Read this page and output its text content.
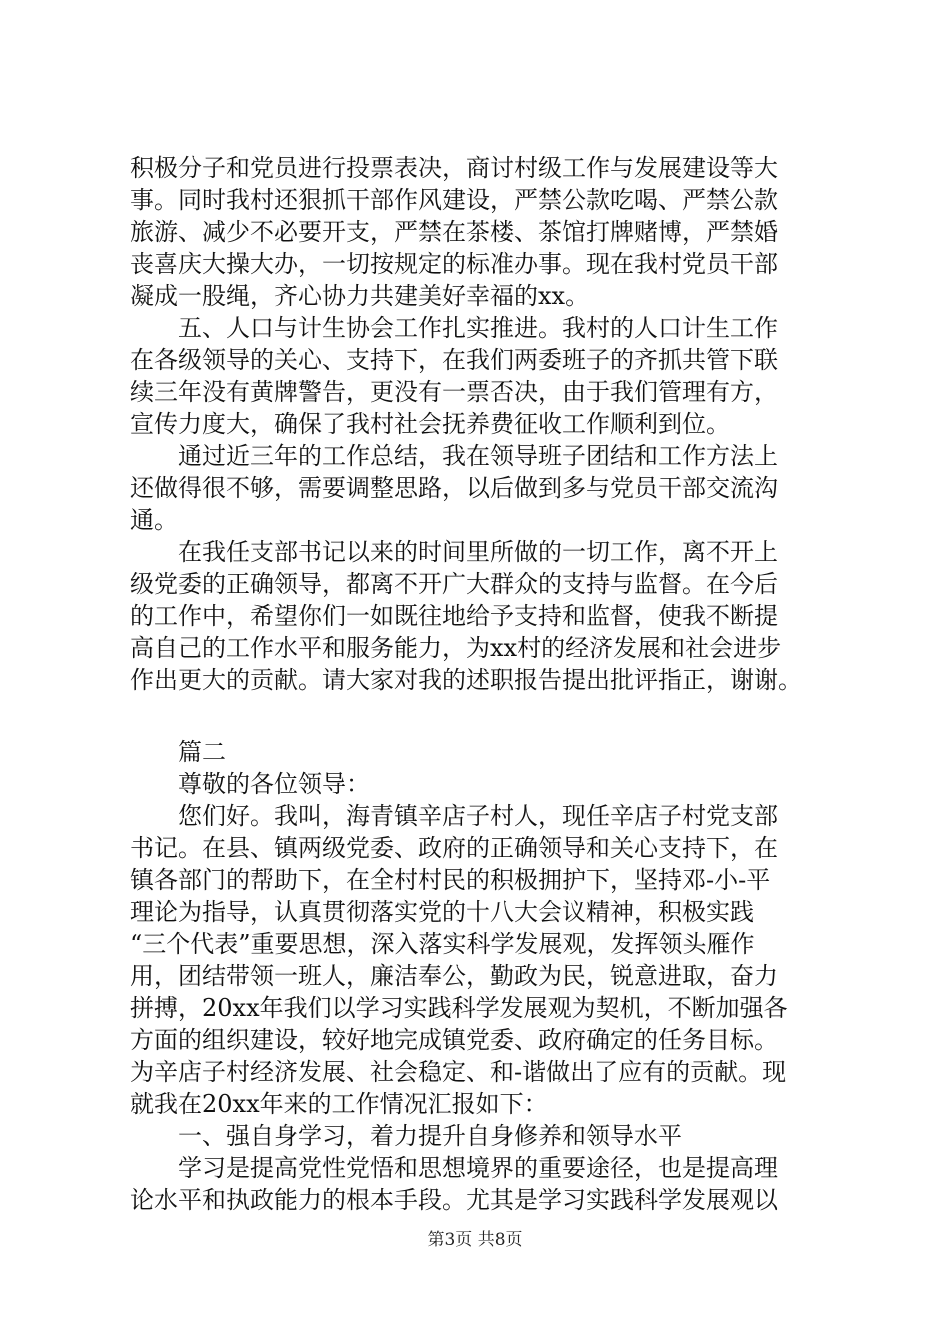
积极分子和党员进行投票表决，商讨村级工作与发展建设等大
事。同时我村还狠抓干部作风建设，严禁公款吃喝、严禁公款
旅游、减少不必要开支，严禁在茶楼、茶馆打牌赌博，严禁婚
丧喜庆大操大办，一切按规定的标准办事。现在我村党员干部
凝成一股绳，齐心协力共建美好幸福的xx。
五、人口与计生协会工作扎实推进。我村的人口计生工作
在各级领导的关心、支持下，在我们两委班子的齐抓共管下联
续三年没有黄牌警告，更没有一票否决，由于我们管理有方，
宣传力度大，确保了我村社会抚养费征收工作顺利到位。
通过近三年的工作总结，我在领导班子团结和工作方法上
还做得很不够，需要调整思路，以后做到多与党员干部交流沟
通。
在我任支部书记以来的时间里所做的一切工作，离不开上
级党委的正确领导，都离不开广大群众的支持与监督。在今后
的工作中，希望你们一如既往地给予支持和监督，使我不断提
高自己的工作水平和服务能力，为xx村的经济发展和社会进步
作出更大的贡献。请大家对我的述职报告提出批评指正，谢谢。
篇二
尊敬的各位领导：
您们好。我叫，海青镇辛店子村人，现任辛店子村党支部
书记。在县、镇两级党委、政府的正确领导和关心支持下，在
镇各部门的帮助下，在全村村民的积极拥护下，坚持邓-小-平
理论为指导，认真贯彻落实党的十八大会议精神，积极实践
“三个代表”重要思想，深入落实科学发展观，发挥领头雁作
用，团结带领一班人，廉洁奉公，勤政为民，锐意进取，奋力
拼搏，20xx年我们以学习实践科学发展观为契机，不断加强各
方面的组织建设，较好地完成镇党委、政府确定的任务目标。
为辛店子村经济发展、社会稳定、和-谐做出了应有的贡献。现
就我在20xx年来的工作情况汇报如下：
一、强自身学习，着力提升自身修养和领导水平
学习是提高党性党悟和思想境界的重要途径，也是提高理
论水平和执政能力的根本手段。尤其是学习实践科学发展观以
第3页 共8页
